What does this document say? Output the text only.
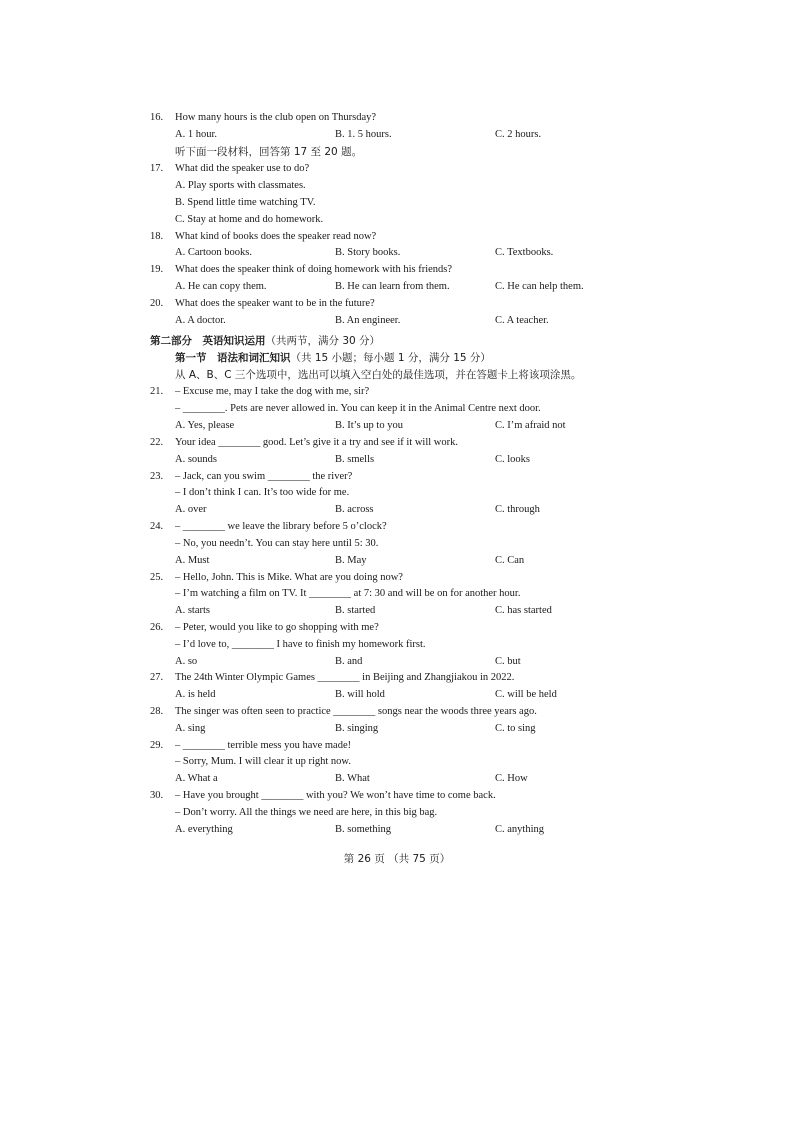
16. How many hours is the club open on Thursday?
A. 1 hour.	B. 1. 5 hours.	C. 2 hours.
听下面一段材料，回答第 17 至 20 题。
17. What did the speaker use to do?
A. Play sports with classmates.
B. Spend little time watching TV.
C. Stay at home and do homework.
18. What kind of books does the speaker read now?
A. Cartoon books.	B. Story books.	C. Textbooks.
19. What does the speaker think of doing homework with his friends?
A. He can copy them.	B. He can learn from them.	C. He can help them.
20. What does the speaker want to be in the future?
A. A doctor.	B. An engineer.	C. A teacher.
第二部分　英语知识运用（共两节，满分 30 分）
第一节　语法和词汇知识（共 15 小题；每小题 1 分，满分 15 分）
从 A、B、C 三个选项中，选出可以填入空白处的最佳选项，并在答题卡上将该项涂黑。
21. – Excuse me, may I take the dog with me, sir?
– ________. Pets are never allowed in. You can keep it in the Animal Centre next door.
A. Yes, please	B. It’s up to you	C. I’m afraid not
22. Your idea ________ good. Let’s give it a try and see if it will work.
A. sounds	B. smells	C. looks
23. – Jack, can you swim ________ the river?
– I don’t think I can. It’s too wide for me.
A. over	B. across	C. through
24. – ________ we leave the library before 5 o’clock?
– No, you needn’t. You can stay here until 5: 30.
A. Must	B. May	C. Can
25. – Hello, John. This is Mike. What are you doing now?
– I’m watching a film on TV. It ________ at 7: 30 and will be on for another hour.
A. starts	B. started	C. has started
26. – Peter, would you like to go shopping with me?
– I’d love to, ________ I have to finish my homework first.
A. so	B. and	C. but
27. The 24th Winter Olympic Games ________ in Beijing and Zhangjiakou in 2022.
A. is held	B. will hold	C. will be held
28. The singer was often seen to practice ________ songs near the woods three years ago.
A. sing	B. singing	C. to sing
29. – ________ terrible mess you have made!
– Sorry, Mum. I will clear it up right now.
A. What a	B. What	C. How
30. – Have you brought ________ with you? We won’t have time to come back.
– Don’t worry. All the things we need are here, in this big bag.
A. everything	B. something	C. anything
第 26 页 （共 75 页）
